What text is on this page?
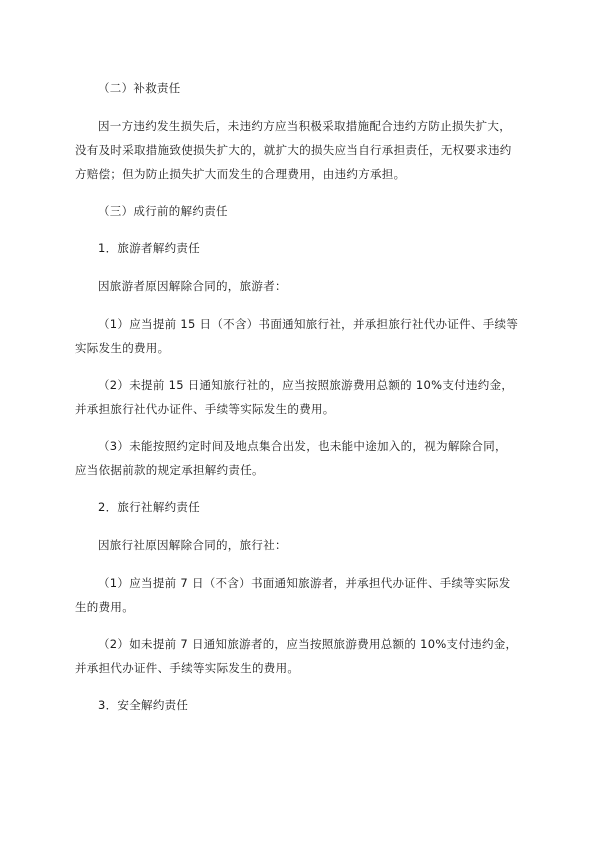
（二）补救责任
因一方违约发生损失后，未违约方应当积极采取措施配合违约方防止损失扩大，
没有及时采取措施致使损失扩大的，就扩大的损失应当自行承担责任，无权要求违约
方赔偿；但为防止损失扩大而发生的合理费用，由违约方承担。
（三）成行前的解约责任
1．旅游者解约责任
因旅游者原因解除合同的，旅游者：
（1）应当提前 15 日（不含）书面通知旅行社，并承担旅行社代办证件、手续等
实际发生的费用。
（2）未提前 15 日通知旅行社的，应当按照旅游费用总额的 10%支付违约金，
并承担旅行社代办证件、手续等实际发生的费用。
（3）未能按照约定时间及地点集合出发，也未能中途加入的，视为解除合同，
应当依据前款的规定承担解约责任。
2．旅行社解约责任
因旅行社原因解除合同的，旅行社：
（1）应当提前 7 日（不含）书面通知旅游者，并承担代办证件、手续等实际发
生的费用。
（2）如未提前 7 日通知旅游者的，应当按照旅游费用总额的 10%支付违约金，
并承担代办证件、手续等实际发生的费用。
3．安全解约责任
